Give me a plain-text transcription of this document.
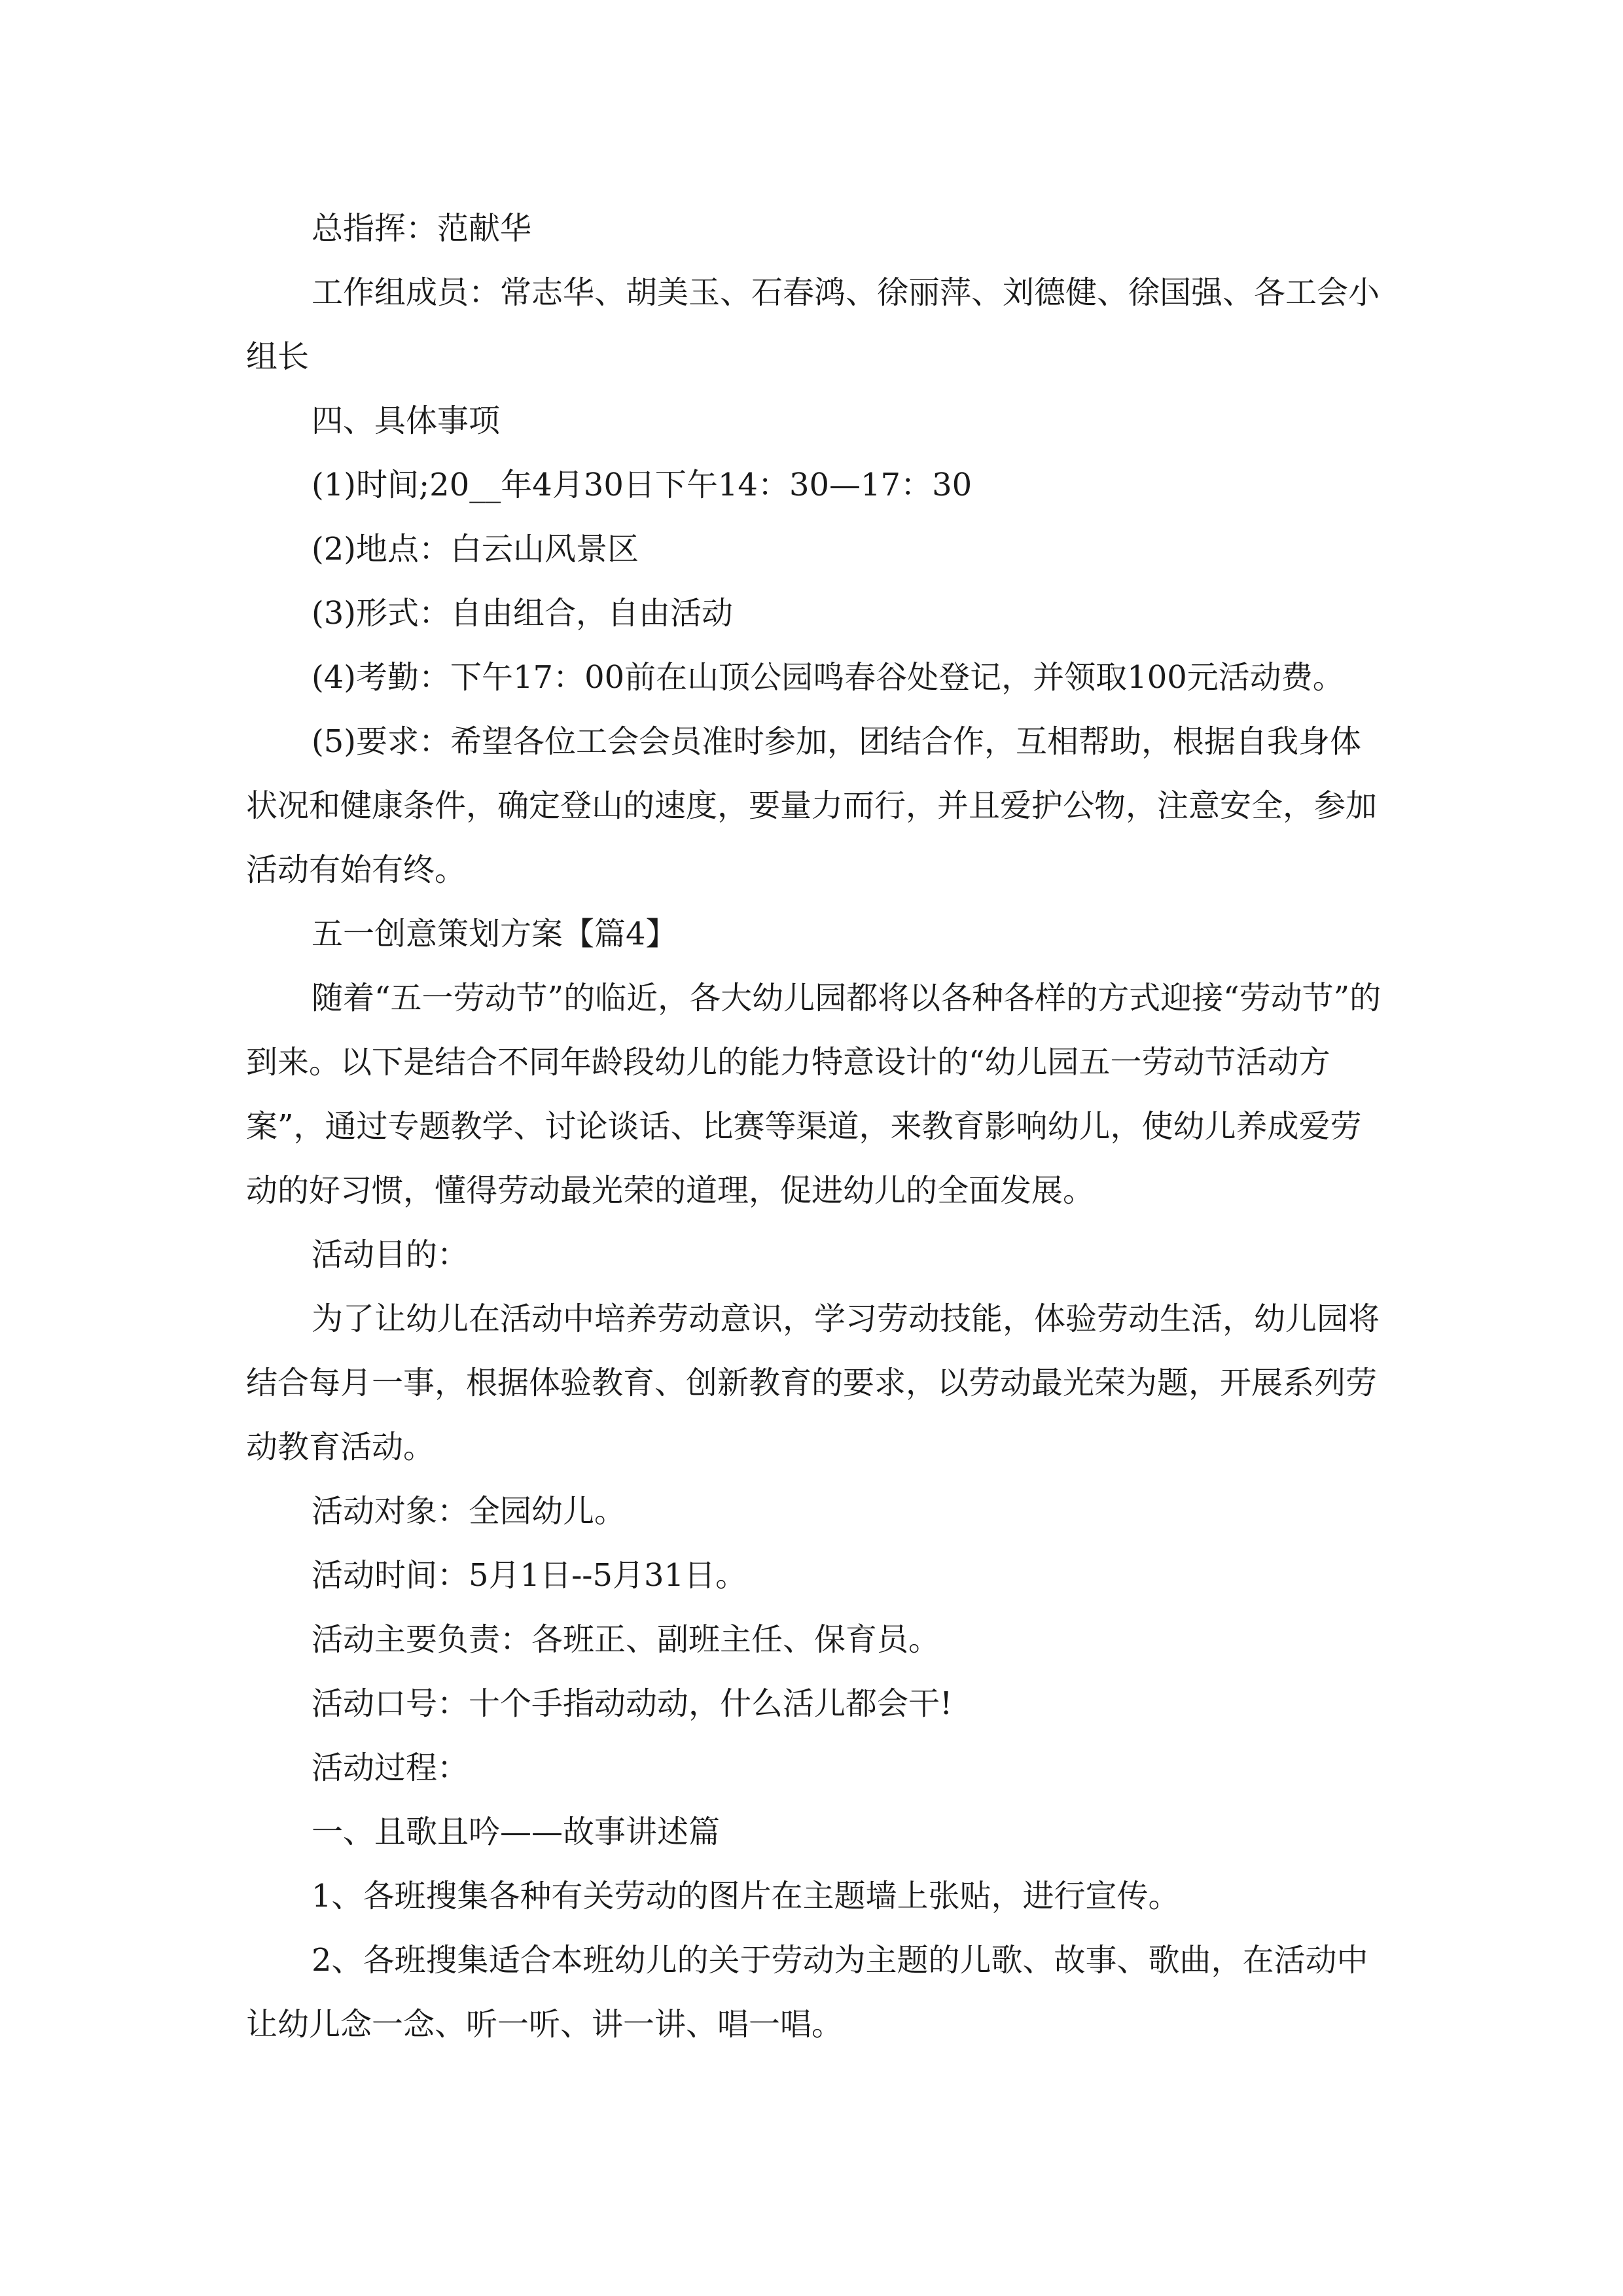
总指挥：范献华

工作组成员：常志华、胡美玉、石春鸿、徐丽萍、刘德健、徐国强、各工会小组长

四、具体事项

(1)时间;20__年4月30日下午14：30—17：30

(2)地点：白云山风景区

(3)形式：自由组合，自由活动

(4)考勤：下午17：00前在山顶公园鸣春谷处登记，并领取100元活动费。

(5)要求：希望各位工会会员准时参加，团结合作，互相帮助，根据自我身体状况和健康条件，确定登山的速度，要量力而行，并且爱护公物，注意安全，参加活动有始有终。

五一创意策划方案【篇4】

随着“五一劳动节”的临近，各大幼儿园都将以各种各样的方式迎接“劳动节”的到来。以下是结合不同年龄段幼儿的能力特意设计的“幼儿园五一劳动节活动方案”，通过专题教学、讨论谈话、比赛等渠道，来教育影响幼儿，使幼儿养成爱劳动的好习惯，懂得劳动最光荣的道理，促进幼儿的全面发展。

活动目的：

为了让幼儿在活动中培养劳动意识，学习劳动技能，体验劳动生活，幼儿园将结合每月一事，根据体验教育、创新教育的要求，以劳动最光荣为题，开展系列劳动教育活动。

活动对象：全园幼儿。

活动时间：5月1日--5月31日。

活动主要负责：各班正、副班主任、保育员。

活动口号：十个手指动动动，什么活儿都会干!

活动过程：

一、且歌且吟——故事讲述篇

1、各班搜集各种有关劳动的图片在主题墙上张贴，进行宣传。

2、各班搜集适合本班幼儿的关于劳动为主题的儿歌、故事、歌曲，在活动中让幼儿念一念、听一听、讲一讲、唱一唱。
